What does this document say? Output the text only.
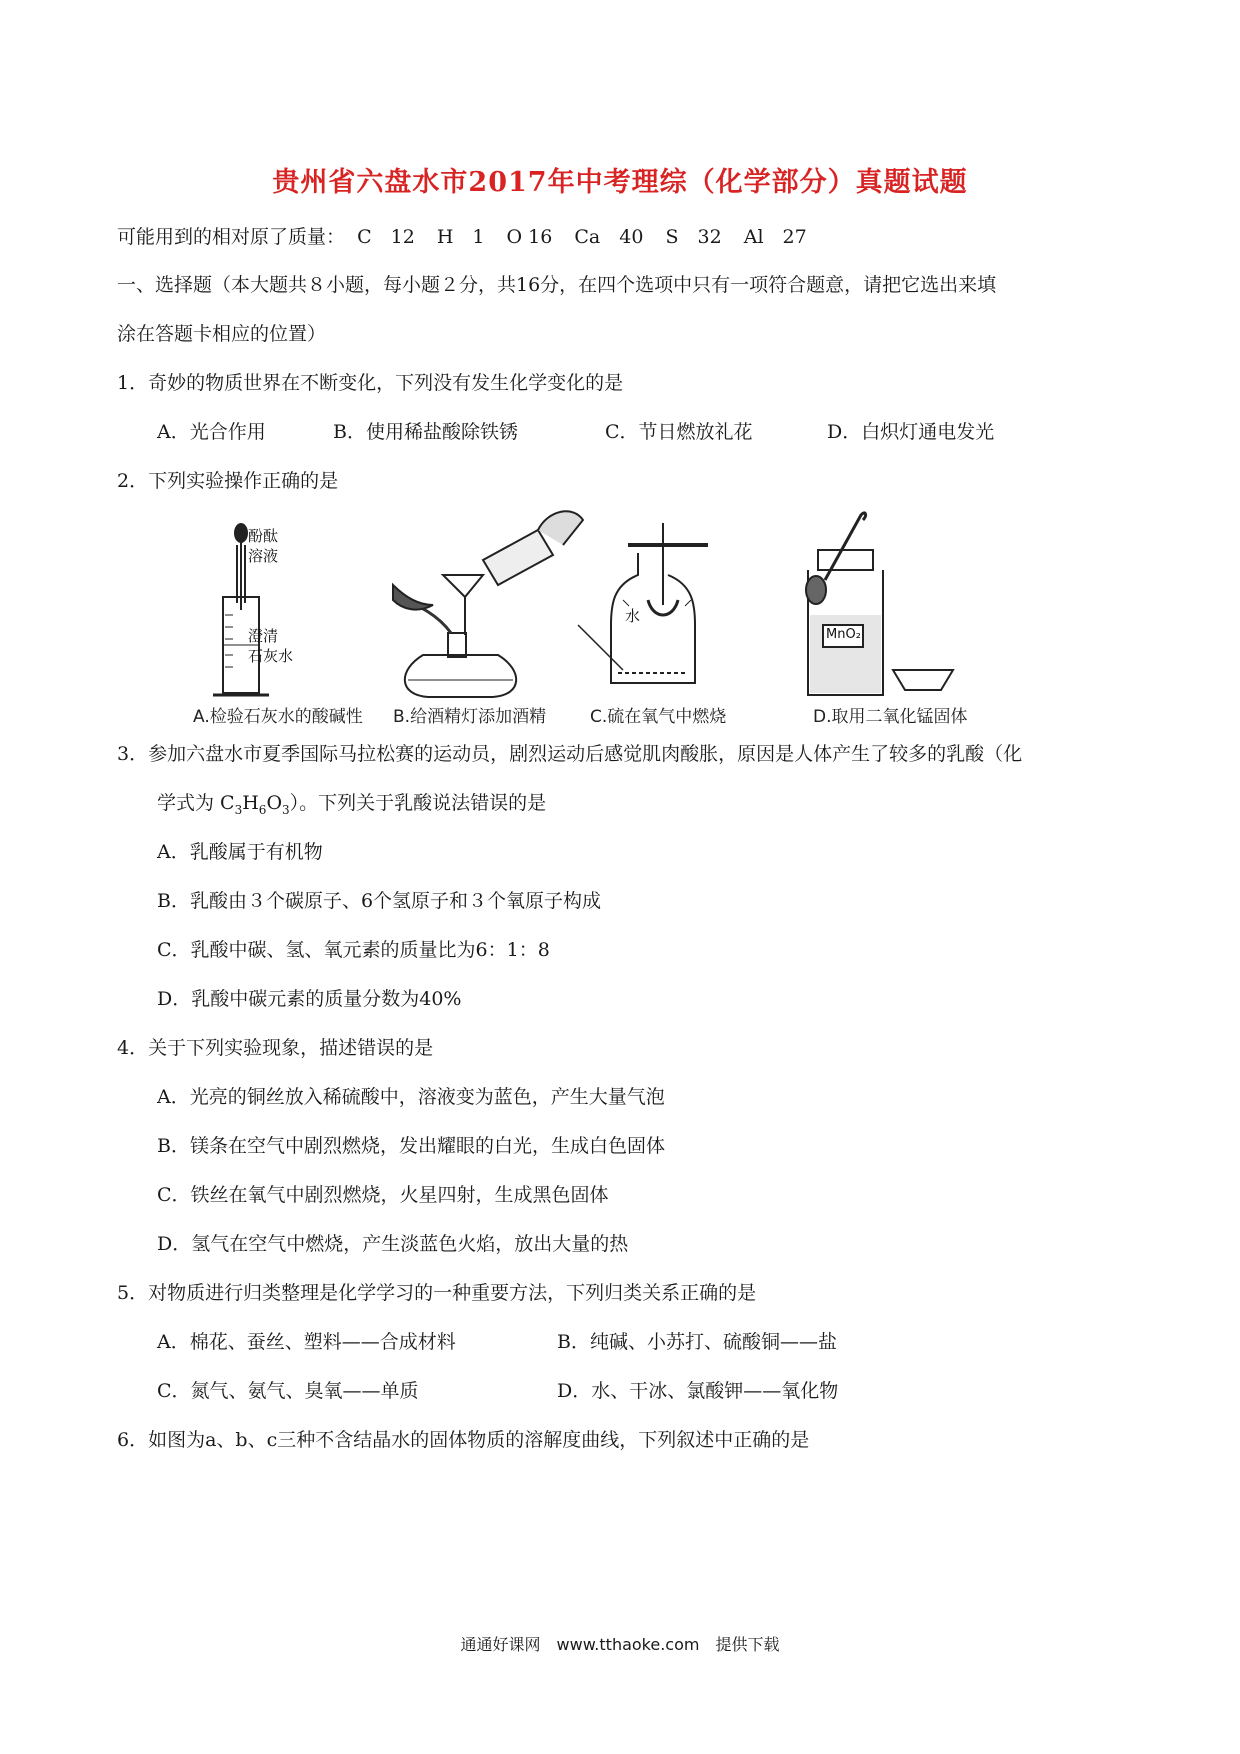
贵州省六盘水市2017年中考理综（化学部分）真题试题
可能用到的相对原了质量： C　12 H　1 O 16 Ca　40 S　32 Al　27
一、选择题（本大题共８小题，每小题２分，共16分，在四个选项中只有一项符合题意，请把它选出来填
涂在答题卡相应的位置）
1．奇妙的物质世界在不断变化，下列没有发生化学变化的是
A．光合作用	B．使用稀盐酸除铁锈	C．节日燃放礼花	D．白炽灯通电发光
2．下列实验操作正确的是
酚酞
溶液
澄清
石灰水
水
MnO₂
A.检验石灰水的酸碱性 B.给酒精灯添加酒精	C.硫在氧气中燃烧	D.取用二氧化锰固体
3．参加六盘水市夏季国际马拉松赛的运动员，剧烈运动后感觉肌肉酸胀，原因是人体产生了较多的乳酸（化
学式为 $C_3H_6O_3$）。下列关于乳酸说法错误的是
A．乳酸属于有机物
B．乳酸由３个碳原子、6个氢原子和３个氧原子构成
C．乳酸中碳、氢、氧元素的质量比为6：1：8
D．乳酸中碳元素的质量分数为40%
4．关于下列实验现象，描述错误的是
A．光亮的铜丝放入稀硫酸中，溶液变为蓝色，产生大量气泡
B．镁条在空气中剧烈燃烧，发出耀眼的白光，生成白色固体
C．铁丝在氧气中剧烈燃烧，火星四射，生成黑色固体
D．氢气在空气中燃烧，产生淡蓝色火焰，放出大量的热
5．对物质进行归类整理是化学学习的一种重要方法，下列归类关系正确的是
A．棉花、蚕丝、塑料——合成材料	B．纯碱、小苏打、硫酸铜——盐
C．氮气、氨气、臭氧——单质	D．水、干冰、氯酸钾——氧化物
6．如图为a、b、c三种不含结晶水的固体物质的溶解度曲线，下列叙述中正确的是
通通好课网　www.tthaoke.com　提供下载
